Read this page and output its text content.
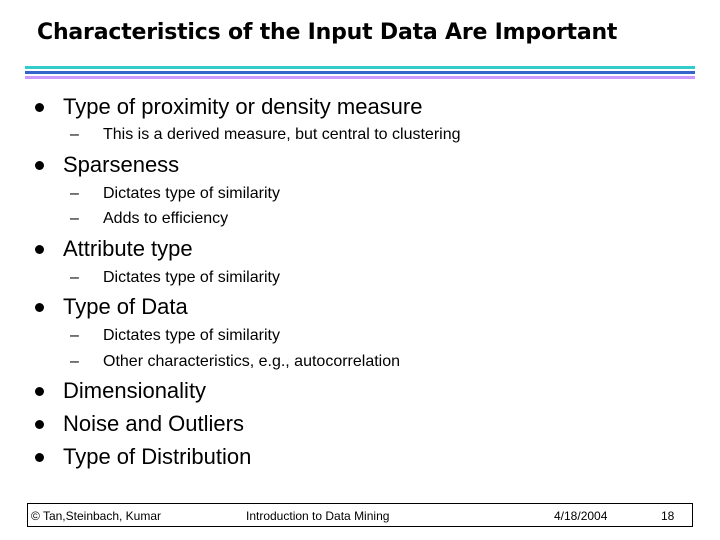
Characteristics of the Input Data Are Important
Type of proximity or density measure
– This is a derived measure, but central to clustering
Sparseness
– Dictates type of similarity
– Adds to efficiency
Attribute type
– Dictates type of similarity
Type of Data
– Dictates type of similarity
– Other characteristics, e.g., autocorrelation
Dimensionality
Noise and Outliers
Type of Distribution
© Tan,Steinbach, Kumar	Introduction to Data Mining	4/18/2004	18
